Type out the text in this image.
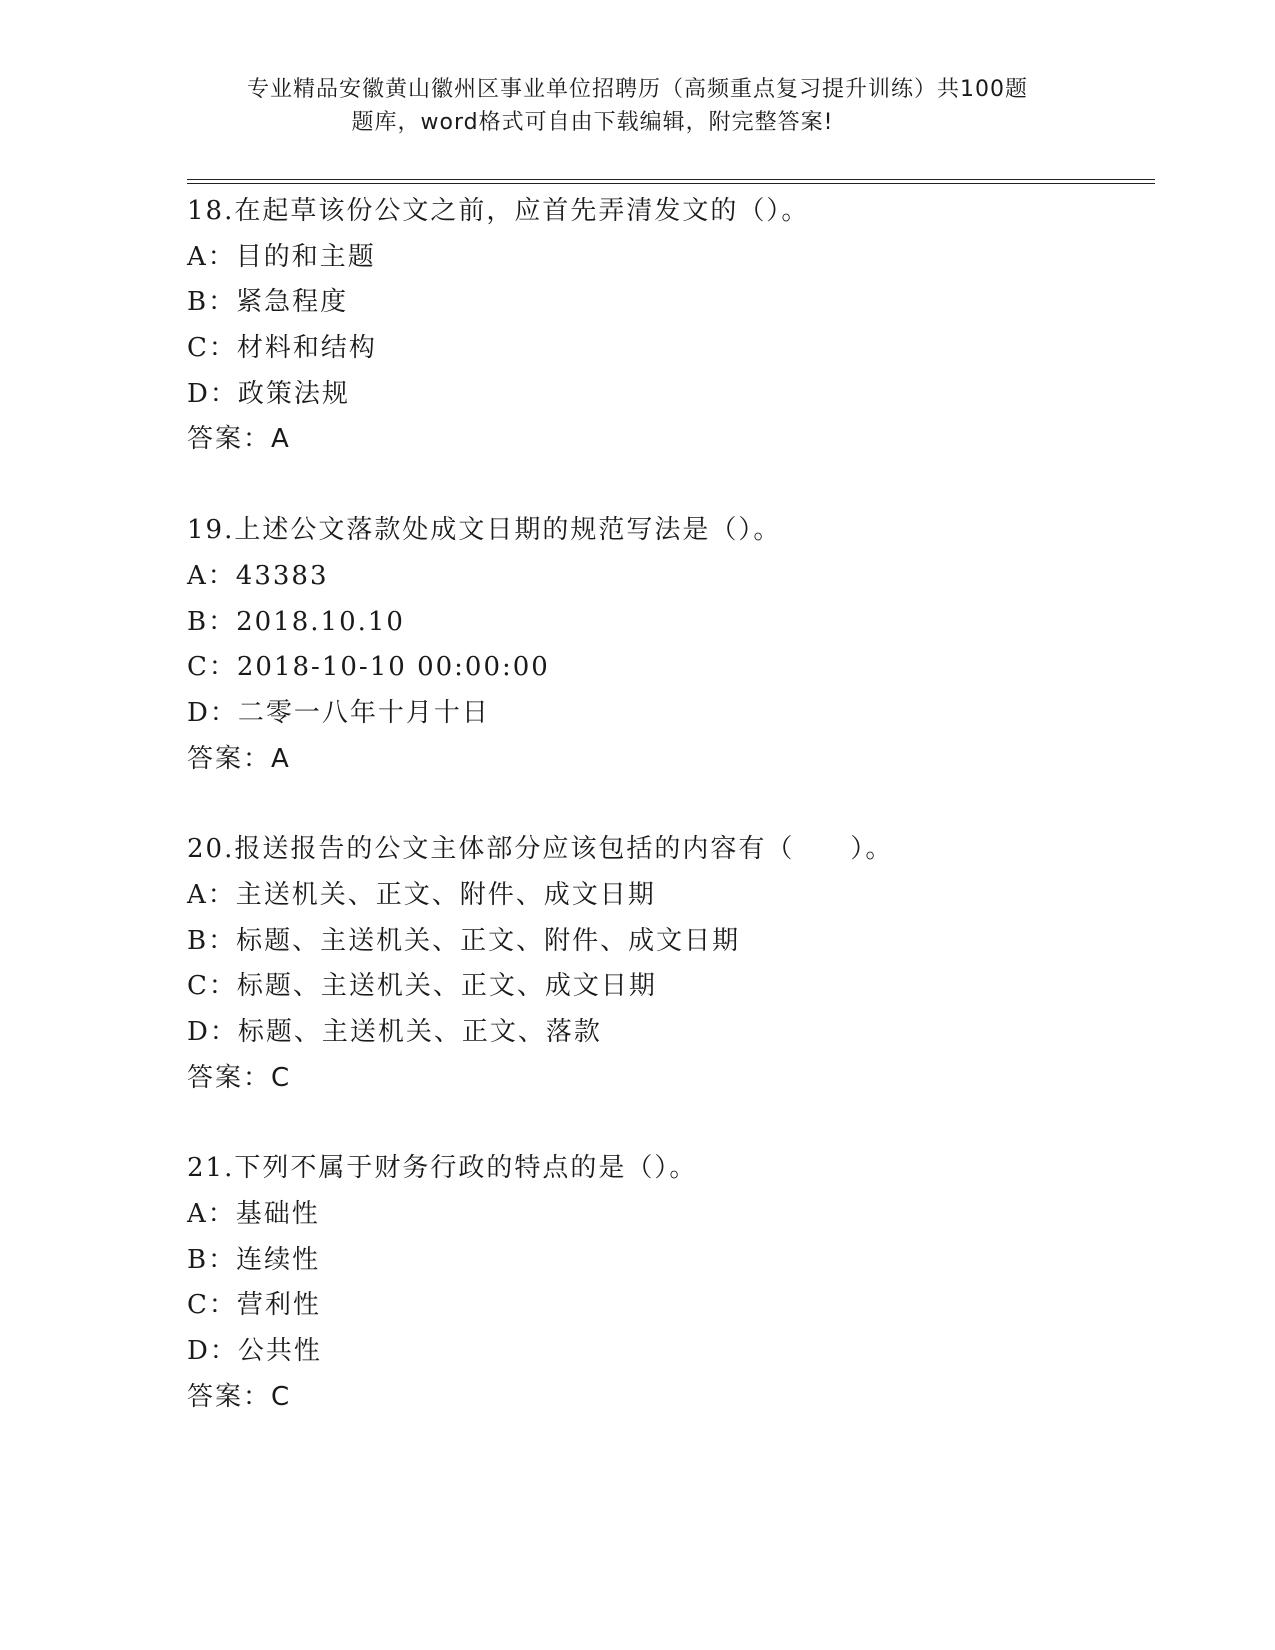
专业精品安徽黄山徽州区事业单位招聘历（高频重点复习提升训练）共100题
题库，word格式可自由下载编辑，附完整答案!
18.在起草该份公文之前，应首先弄清发文的（）。
A：目的和主题
B：紧急程度
C：材料和结构
D：政策法规
答案：A
19.上述公文落款处成文日期的规范写法是（）。
A：43383
B：2018.10.10
C：2018-10-10 00:00:00
D：二零一八年十月十日
答案：A
20.报送报告的公文主体部分应该包括的内容有（　　）。
A：主送机关、正文、附件、成文日期
B：标题、主送机关、正文、附件、成文日期
C：标题、主送机关、正文、成文日期
D：标题、主送机关、正文、落款
答案：C
21.下列不属于财务行政的特点的是（）。
A：基础性
B：连续性
C：营利性
D：公共性
答案：C
